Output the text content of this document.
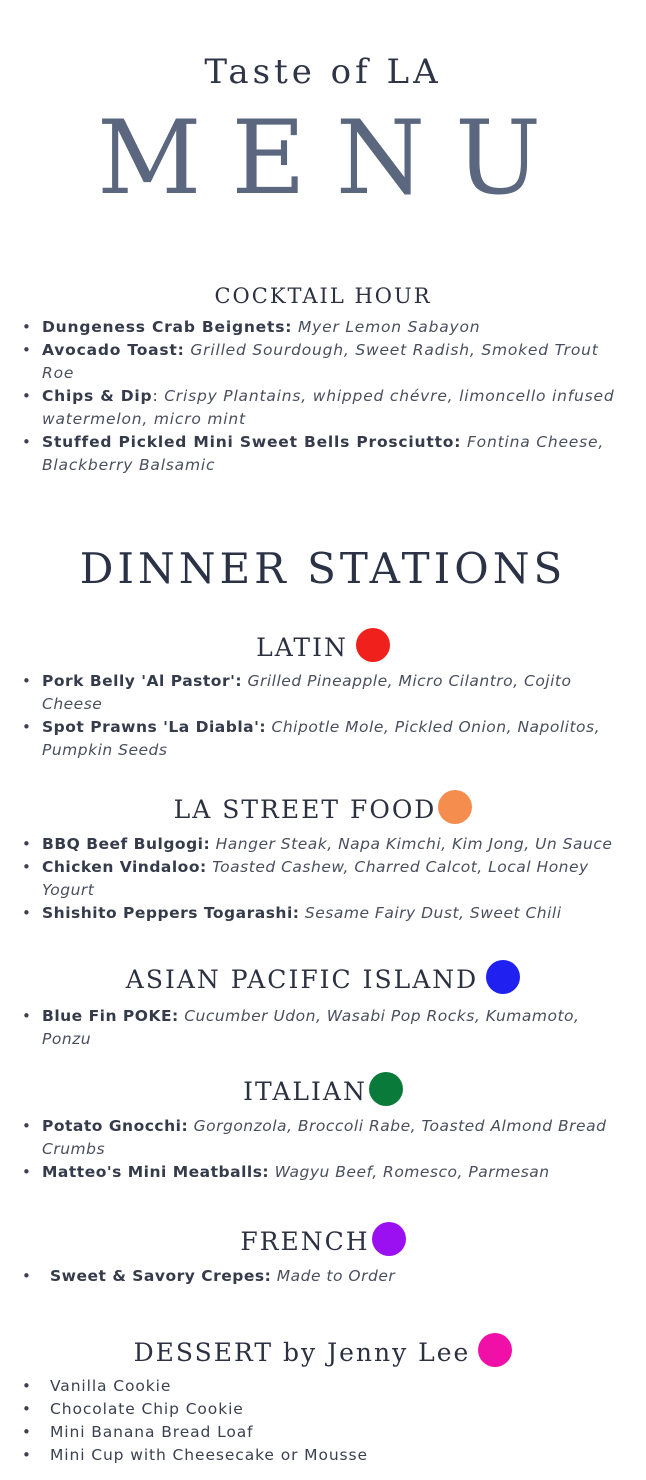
Taste of LA
MENU
COCKTAIL HOUR
• Dungeness Crab Beignets: Myer Lemon Sabayon
• Avocado Toast: Grilled Sourdough, Sweet Radish, Smoked Trout Roe
• Chips & Dip: Crispy Plantains, whipped chévre, limoncello infused watermelon, micro mint
• Stuffed Pickled Mini Sweet Bells Prosciutto: Fontina Cheese, Blackberry Balsamic
DINNER STATIONS
LATIN
• Pork Belly 'Al Pastor': Grilled Pineapple, Micro Cilantro, Cojito Cheese
• Spot Prawns 'La Diabla': Chipotle Mole, Pickled Onion, Napolitos, Pumpkin Seeds
LA STREET FOOD
• BBQ Beef Bulgogi: Hanger Steak, Napa Kimchi, Kim Jong, Un Sauce
• Chicken Vindaloo: Toasted Cashew, Charred Calcot, Local Honey Yogurt
• Shishito Peppers Togarashi: Sesame Fairy Dust, Sweet Chili
ASIAN PACIFIC ISLAND
• Blue Fin POKE: Cucumber Udon, Wasabi Pop Rocks, Kumamoto, Ponzu
ITALIAN
• Potato Gnocchi: Gorgonzola, Broccoli Rabe, Toasted Almond Bread Crumbs
• Matteo's Mini Meatballs: Wagyu Beef, Romesco, Parmesan
FRENCH
• Sweet & Savory Crepes: Made to Order
DESSERT by Jenny Lee
• Vanilla Cookie
• Chocolate Chip Cookie
• Mini Banana Bread Loaf
• Mini Cup with Cheesecake or Mousse
